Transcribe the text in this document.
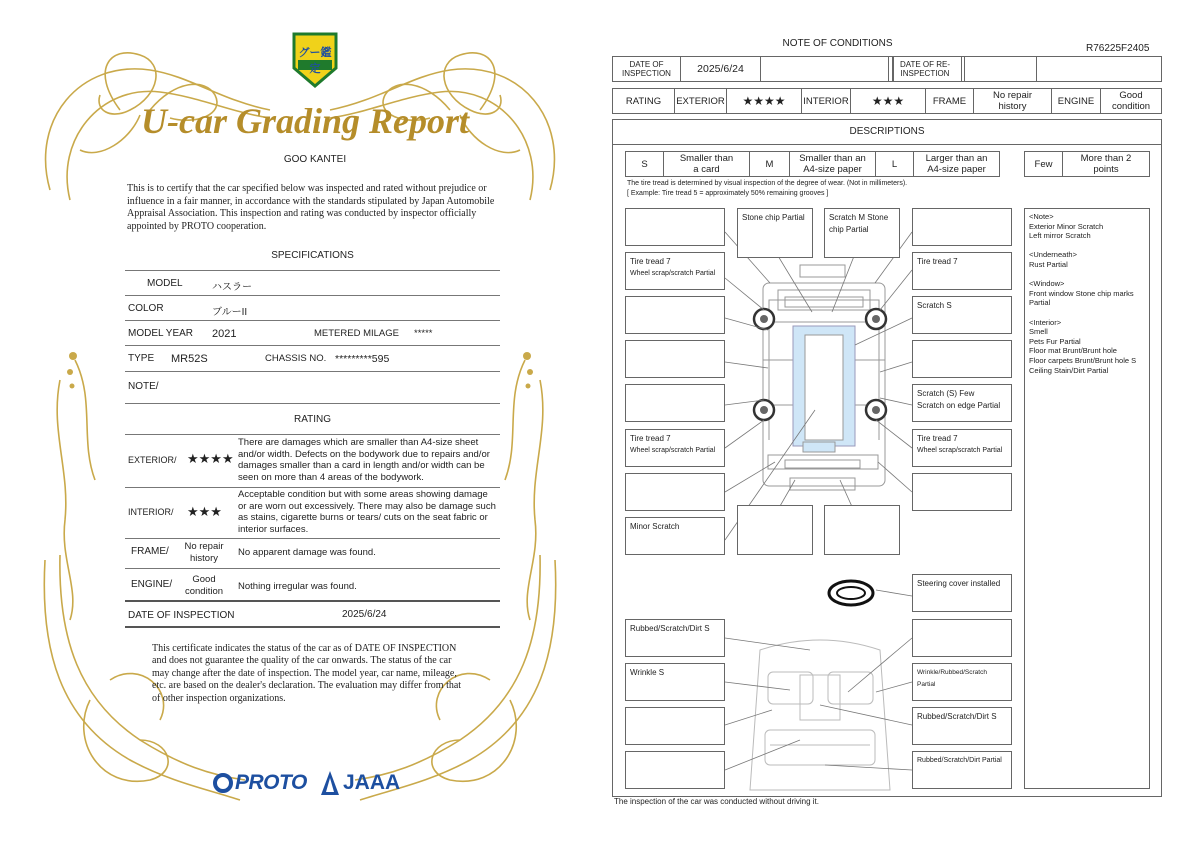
グー鑑定
U-car Grading Report
GOO KANTEI
This is to certify that the car specified below was inspected and rated without prejudice or influence in a fair manner, in accordance with the standards stipulated by Japan Automobile Appraisal Association. This inspection and rating was conducted by inspector officially appointed by PROTO cooperation.
SPECIFICATIONS
MODEL	ハスラー
COLOR	ブルーII
MODEL YEAR 2021	METERED MILAGE *****
TYPE MR52S	CHASSIS NO. *********595
NOTE/
RATING
EXTERIOR/ ★★★★
There are damages which are smaller than A4-size sheet and/or width. Defects on the bodywork due to repairs and/or damages smaller than a card in length and/or width can be seen on more than 4 areas of the bodywork.
INTERIOR/ ★★★
Acceptable condition but with some areas showing damage or are worn out excessively. There may also be damage such as stains, cigarette burns or tears/ cuts on the seat fabric or interior surfaces.
FRAME/	No repair history	No apparent damage was found.
ENGINE/	Good condition	Nothing irregular was found.
DATE OF INSPECTION	2025/6/24
This certificate indicates the status of the car as of DATE OF INSPECTION and does not guarantee the quality of the car onwards. The status of the car may change after the date of inspection. The model year, car name, mileage, etc. are based on the dealer's declaration. The evaluation may differ from that of other inspection organizations.
PROTO JAAA
NOTE OF CONDITIONS	R76225F2405
DATE OF INSPECTION	2025/6/24	DATE OF RE-INSPECTION
RATING	EXTERIOR	★★★★	INTERIOR	★★★	FRAME	No repair history	ENGINE	Good condition
DESCRIPTIONS
S	Smaller than a card	M	Smaller than an A4-size paper	L	Larger than an A4-size paper	Few	More than 2 points
The tire tread is determined by visual inspection of the degree of wear. (Not in millimeters).
[ Example: Tire tread 5 = approximately 50% remaining grooves ]
Stone chip Partial	Scratch M Stone chip Partial
Tire tread 7
Wheel scrap/scratch Partial
Tire tread 7
Scratch S
Scratch (S) Few
Scratch on edge Partial
Tire tread 7
Wheel scrap/scratch Partial
Tire tread 7
Wheel scrap/scratch Partial
Minor Scratch
Steering cover installed
Rubbed/Scratch/Dirt S
Wrinkle S	Wrinkle/Rubbed/Scratch Partial
Rubbed/Scratch/Dirt S
Rubbed/Scratch/Dirt Partial
<Note>
Exterior Minor Scratch
Left mirror Scratch
<Underneath>
Rust Partial
<Window>
Front window Stone chip marks Partial
<Interior>
Smell
Pets Fur Partial
Floor mat Brunt/Brunt hole
Floor carpets Brunt/Brunt hole S
Ceiling Stain/Dirt Partial
The inspection of the car was conducted without driving it.
